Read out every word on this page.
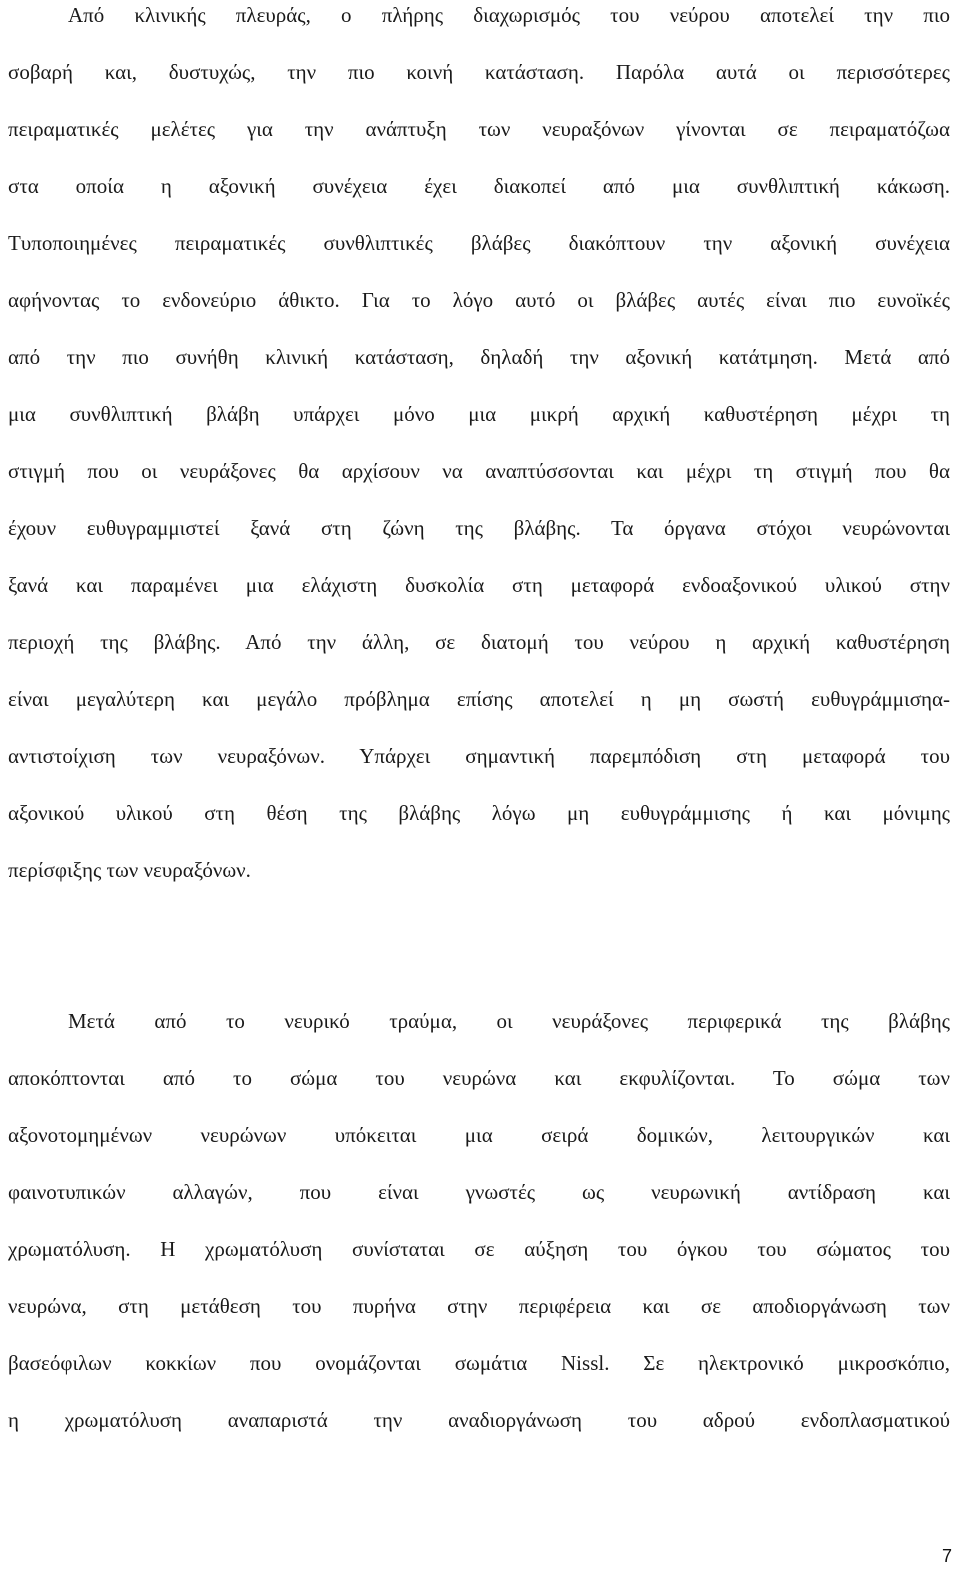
Από κλινικής πλευράς, ο πλήρης διαχωρισμός του νεύρου αποτελεί την πιο
σοβαρή και, δυστυχώς, την πιο κοινή κατάσταση. Παρόλα αυτά οι περισσότερες
πειραματικές μελέτες για την ανάπτυξη των νευραξόνων γίνονται σε πειραματόζωα
στα οποία η αξονική συνέχεια έχει διακοπεί από μια συνθλιπτική κάκωση.
Τυποποιημένες πειραματικές συνθλιπτικές βλάβες διακόπτουν την αξονική συνέχεια
αφήνοντας το ενδονεύριο άθικτο. Για το λόγο αυτό οι βλάβες αυτές είναι πιο ευνοϊκές
από την πιο συνήθη κλινική κατάσταση, δηλαδή την αξονική κατάτμηση. Μετά από
μια συνθλιπτική βλάβη υπάρχει μόνο μια μικρή αρχική καθυστέρηση μέχρι τη
στιγμή που οι νευράξονες θα αρχίσουν να αναπτύσσονται και μέχρι τη στιγμή που θα
έχουν ευθυγραμμιστεί ξανά στη ζώνη της βλάβης. Τα όργανα στόχοι νευρώνονται
ξανά και παραμένει μια ελάχιστη δυσκολία στη μεταφορά ενδοαξονικού υλικού στην
περιοχή της βλάβης. Από την άλλη, σε διατομή του νεύρου η αρχική καθυστέρηση
είναι μεγαλύτερη και μεγάλο πρόβλημα επίσης αποτελεί η μη σωστή ευθυγράμμισηα-
αντιστοίχιση των νευραξόνων. Υπάρχει σημαντική παρεμπόδιση στη μεταφορά του
αξονικού υλικού στη θέση της βλάβης λόγω μη ευθυγράμμισης ή και μόνιμης
περίσφιξης των νευραξόνων.
Μετά από το νευρικό τραύμα, οι νευράξονες περιφερικά της βλάβης
αποκόπτονται από το σώμα του νευρώνα και εκφυλίζονται. Το σώμα των
αξονοτομημένων νευρώνων υπόκειται μια σειρά δομικών, λειτουργικών και
φαινοτυπικών αλλαγών, που είναι γνωστές ως νευρωνική αντίδραση και
χρωματόλυση. Η χρωματόλυση συνίσταται σε αύξηση του όγκου του σώματος του
νευρώνα, στη μετάθεση του πυρήνα στην περιφέρεια και σε αποδιοργάνωση των
βασεόφιλων κοκκίων που ονομάζονται σωμάτια Nissl. Σε ηλεκτρονικό μικροσκόπιο,
η χρωματόλυση αναπαριστά την αναδιοργάνωση του αδρού ενδοπλασματικού
7
